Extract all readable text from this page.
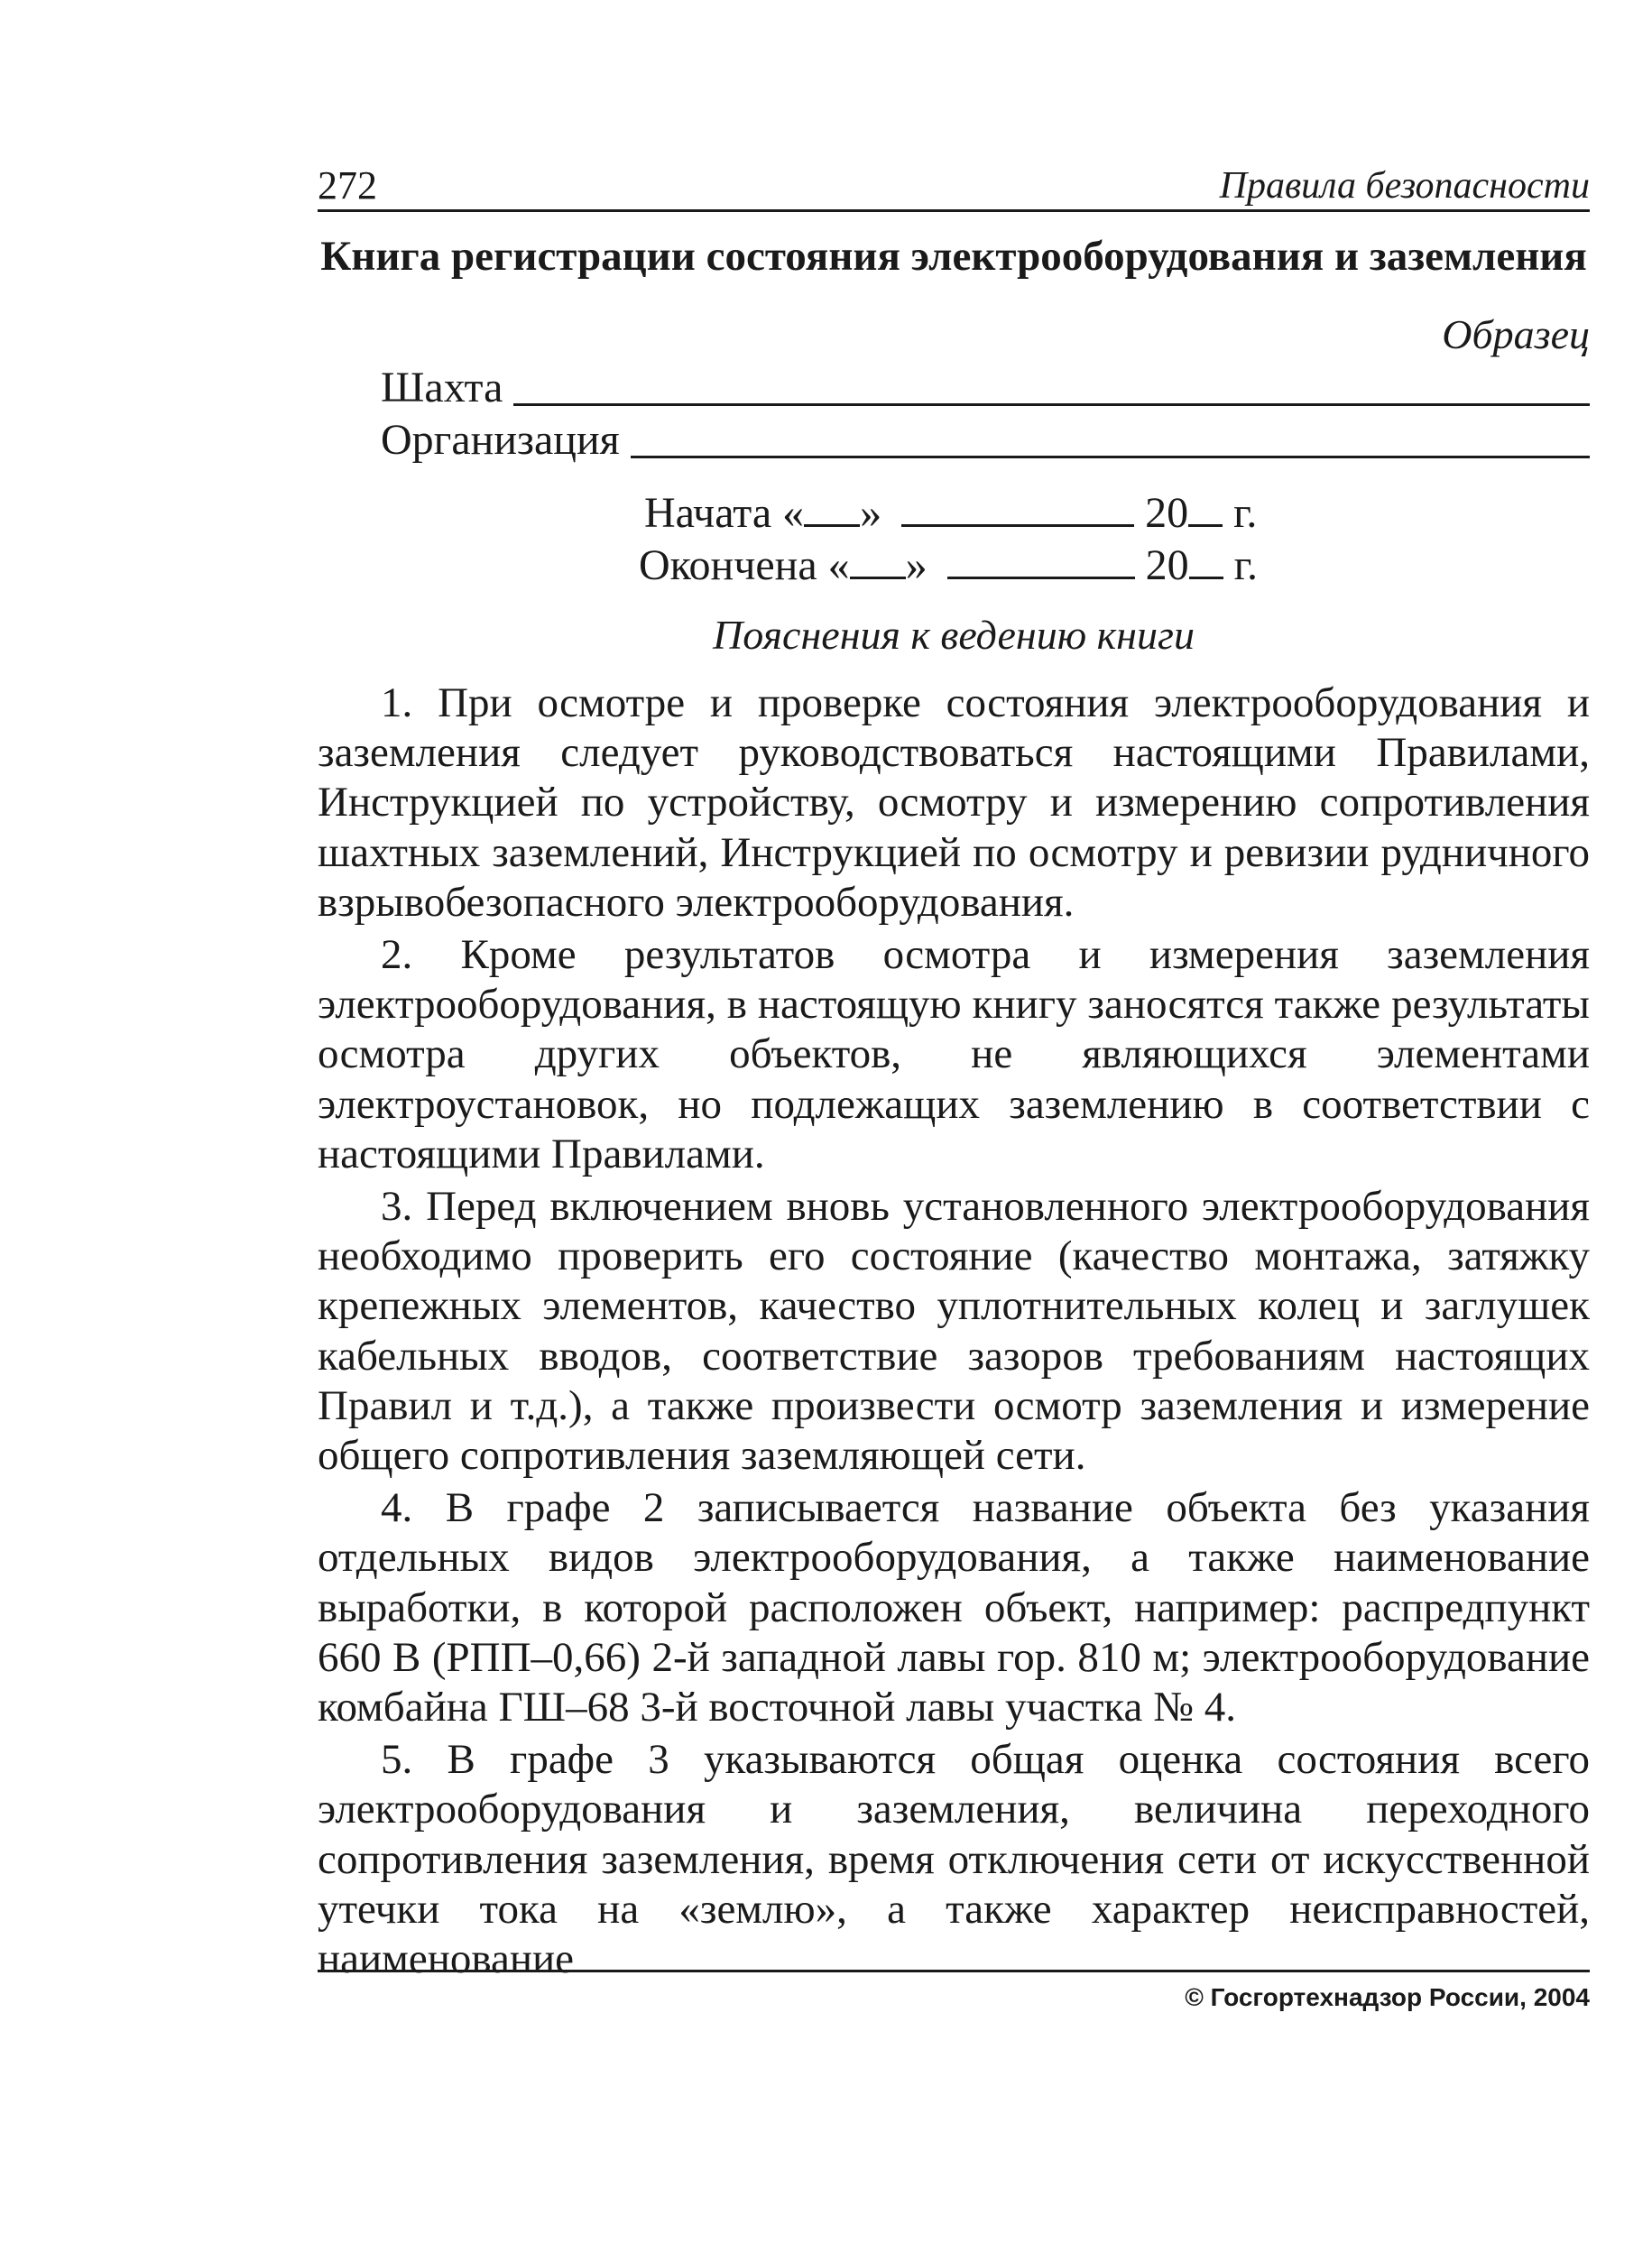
272	Правила безопасности
Книга регистрации состояния электрооборудования и заземления
Образец
Шахта
Организация
Начата « »	20 г.
Окончена « »	20 г.
Пояснения к ведению книги

1. При осмотре и проверке состояния электрооборудования и заземления следует руководствоваться настоящими Правилами, Инструкцией по устройству, осмотру и измерению сопротивления шахтных заземлений, Инструкцией по осмотру и ревизии рудничного взрывобезопасного электрооборудования.

2. Кроме результатов осмотра и измерения заземления электрооборудования, в настоящую книгу заносятся также результаты осмотра других объектов, не являющихся элементами электроустановок, но подлежащих заземлению в соответствии с настоящими Правилами.

3. Перед включением вновь установленного электрооборудования необходимо проверить его состояние (качество монтажа, затяжку крепежных элементов, качество уплотнительных колец и заглушек кабельных вводов, соответствие зазоров требованиям настоящих Правил и т.д.), а также произвести осмотр заземления и измерение общего сопротивления заземляющей сети.

4. В графе 2 записывается название объекта без указания отдельных видов электрооборудования, а также наименование выработки, в которой расположен объект, например: распредпункт 660 В (РПП–0,66) 2-й западной лавы гор. 810 м; электрооборудование комбайна ГШ–68 3-й восточной лавы участка № 4.

5. В графе 3 указываются общая оценка состояния всего электрооборудования и заземления, величина переходного сопротивления заземления, время отключения сети от искусственной утечки тока на «землю», а также характер неисправностей, наименование

© Госгортехнадзор России, 2004
